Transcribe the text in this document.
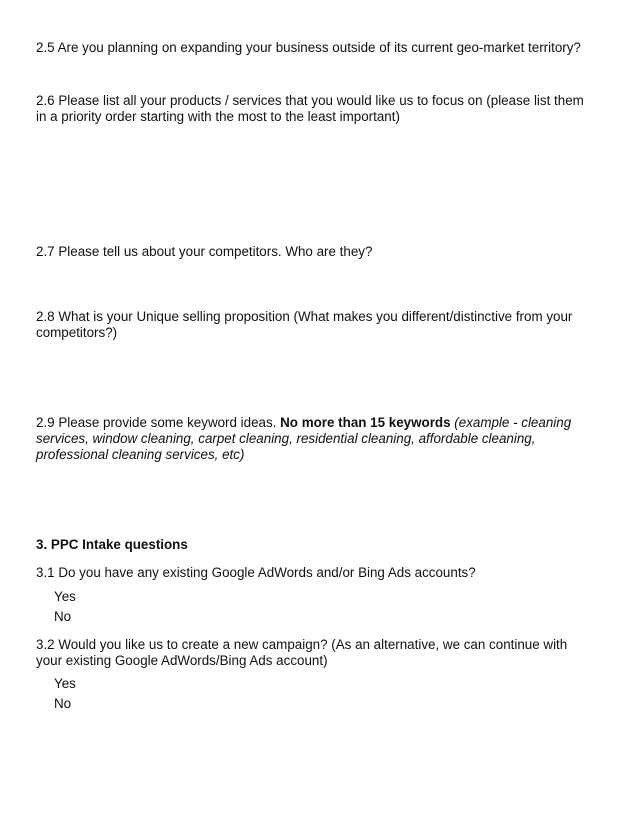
2.5 Are you planning on expanding your business outside of its current geo-market territory?

2.6 Please list all your products / services that you would like us to focus on (please list them in a priority order starting with the most to the least important)

2.7 Please tell us about your competitors. Who are they?

2.8 What is your Unique selling proposition (What makes you different/distinctive from your competitors?)

2.9 Please provide some keyword ideas. No more than 15 keywords (example - cleaning services, window cleaning, carpet cleaning, residential cleaning, affordable cleaning, professional cleaning services, etc)

3. PPC Intake questions

3.1 Do you have any existing Google AdWords and/or Bing Ads accounts?

Yes

No

3.2 Would you like us to create a new campaign? (As an alternative, we can continue with your existing Google AdWords/Bing Ads account)

Yes

No
